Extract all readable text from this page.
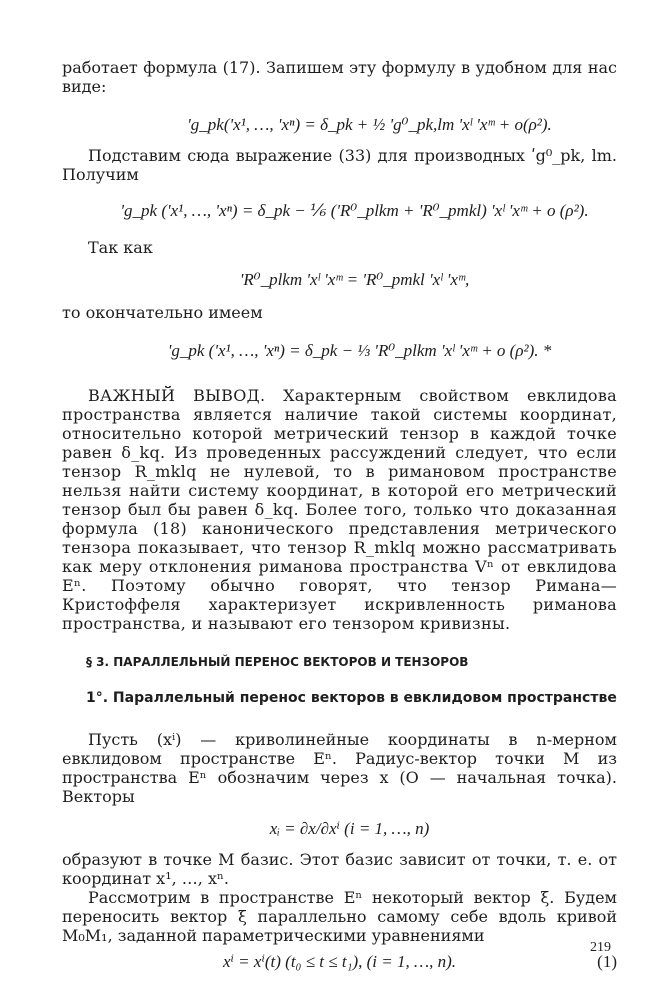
работает формула (17). Запишем эту формулу в удобном для нас виде:

ʹg_pk(ʹx¹, …, ʹxⁿ) = δ_pk + ½ ʹg⁰_pk,lm ʹxˡ ʹxᵐ + o(ρ²).

Подставим сюда выражение (33) для производных ʹg⁰_pk, lm. Получим

ʹg_pk (ʹx¹, …, ʹxⁿ) = δ_pk − ⅙ (ʹR⁰_plkm + ʹR⁰_pmkl) ʹxˡ ʹxᵐ + o (ρ²).

Так как

ʹR⁰_plkm ʹxˡ ʹxᵐ = ʹR⁰_pmkl ʹxˡ ʹxᵐ,

то окончательно имеем

ʹg_pk (ʹx¹, …, ʹxⁿ) = δ_pk − ⅓ ʹR⁰_plkm ʹxˡ ʹxᵐ + o (ρ²). *

ВАЖНЫЙ ВЫВОД. Характерным свойством евклидова пространства является наличие такой системы координат, относительно которой метрический тензор в каждой точке равен δ_kq. Из проведенных рассуждений следует, что если тензор R_mklq не нулевой, то в римановом пространстве нельзя найти систему координат, в которой его метрический тензор был бы равен δ_kq. Более того, только что доказанная формула (18) канонического представления метрического тензора показывает, что тензор R_mklq можно рассматривать как меру отклонения риманова пространства Vⁿ от евклидова Eⁿ. Поэтому обычно говорят, что тензор Римана—Кристоффеля характеризует искривленность риманова пространства, и называют его тензором кривизны.

§ 3. ПАРАЛЛЕЛЬНЫЙ ПЕРЕНОС ВЕКТОРОВ И ТЕНЗОРОВ
1°. Параллельный перенос векторов в евклидовом пространстве

Пусть (xⁱ) — криволинейные координаты в n-мерном евклидовом пространстве Eⁿ. Радиус-вектор точки M из пространства Eⁿ обозначим через x (O — начальная точка). Векторы

xᵢ = ∂x/∂xⁱ (i = 1, …, n)

образуют в точке M базис. Этот базис зависит от точки, т. е. от координат x¹, …, xⁿ.

Рассмотрим в пространстве Eⁿ некоторый вектор ξ. Будем переносить вектор ξ параллельно самому себе вдоль кривой M₀M₁, заданной параметрическими уравнениями

xⁱ = xⁱ(t) (t₀ ≤ t ≤ t₁), (i = 1, …, n).	(1)
219
